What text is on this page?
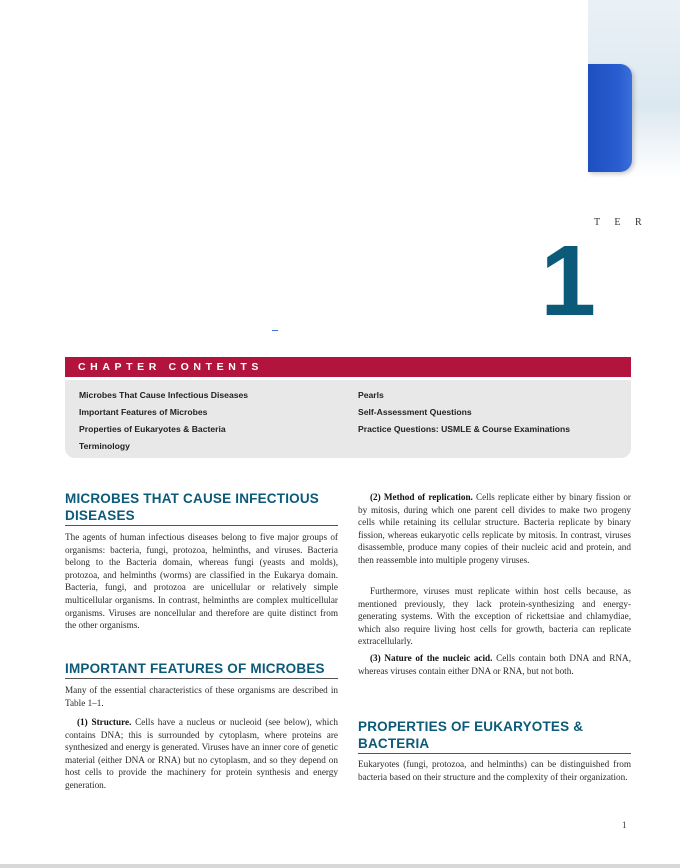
T E R
1
CHAPTER CONTENTS
Microbes That Cause Infectious Diseases
Important Features of Microbes
Properties of Eukaryotes & Bacteria
Terminology
Pearls
Self-Assessment Questions
Practice Questions: USMLE & Course Examinations
MICROBES THAT CAUSE INFECTIOUS DISEASES
The agents of human infectious diseases belong to five major groups of organisms: bacteria, fungi, protozoa, helminths, and viruses. Bacteria belong to the Bacteria domain, whereas fungi (yeasts and molds), protozoa, and helminths (worms) are classified in the Eukarya domain. Bacteria, fungi, and protozoa are unicellular or relatively simple multicellular organisms. In contrast, helminths are complex multicellular organisms. Viruses are noncellular and therefore are quite distinct from the other organisms.
IMPORTANT FEATURES OF MICROBES
Many of the essential characteristics of these organisms are described in Table 1–1.
(1) Structure. Cells have a nucleus or nucleoid (see below), which contains DNA; this is surrounded by cytoplasm, where proteins are synthesized and energy is generated. Viruses have an inner core of genetic material (either DNA or RNA) but no cytoplasm, and so they depend on host cells to provide the machinery for protein synthesis and energy generation.
(2) Method of replication. Cells replicate either by binary fission or by mitosis, during which one parent cell divides to make two progeny cells while retaining its cellular structure. Bacteria replicate by binary fission, whereas eukaryotic cells replicate by mitosis. In contrast, viruses disassemble, produce many copies of their nucleic acid and protein, and then reassemble into multiple progeny viruses.
Furthermore, viruses must replicate within host cells because, as mentioned previously, they lack protein-synthesizing and energy-generating systems. With the exception of rickettsiae and chlamydiae, which also require living host cells for growth, bacteria can replicate extracellularly.
(3) Nature of the nucleic acid. Cells contain both DNA and RNA, whereas viruses contain either DNA or RNA, but not both.
PROPERTIES OF EUKARYOTES & BACTERIA
Eukaryotes (fungi, protozoa, and helminths) can be distinguished from bacteria based on their structure and the complexity of their organization.
1
